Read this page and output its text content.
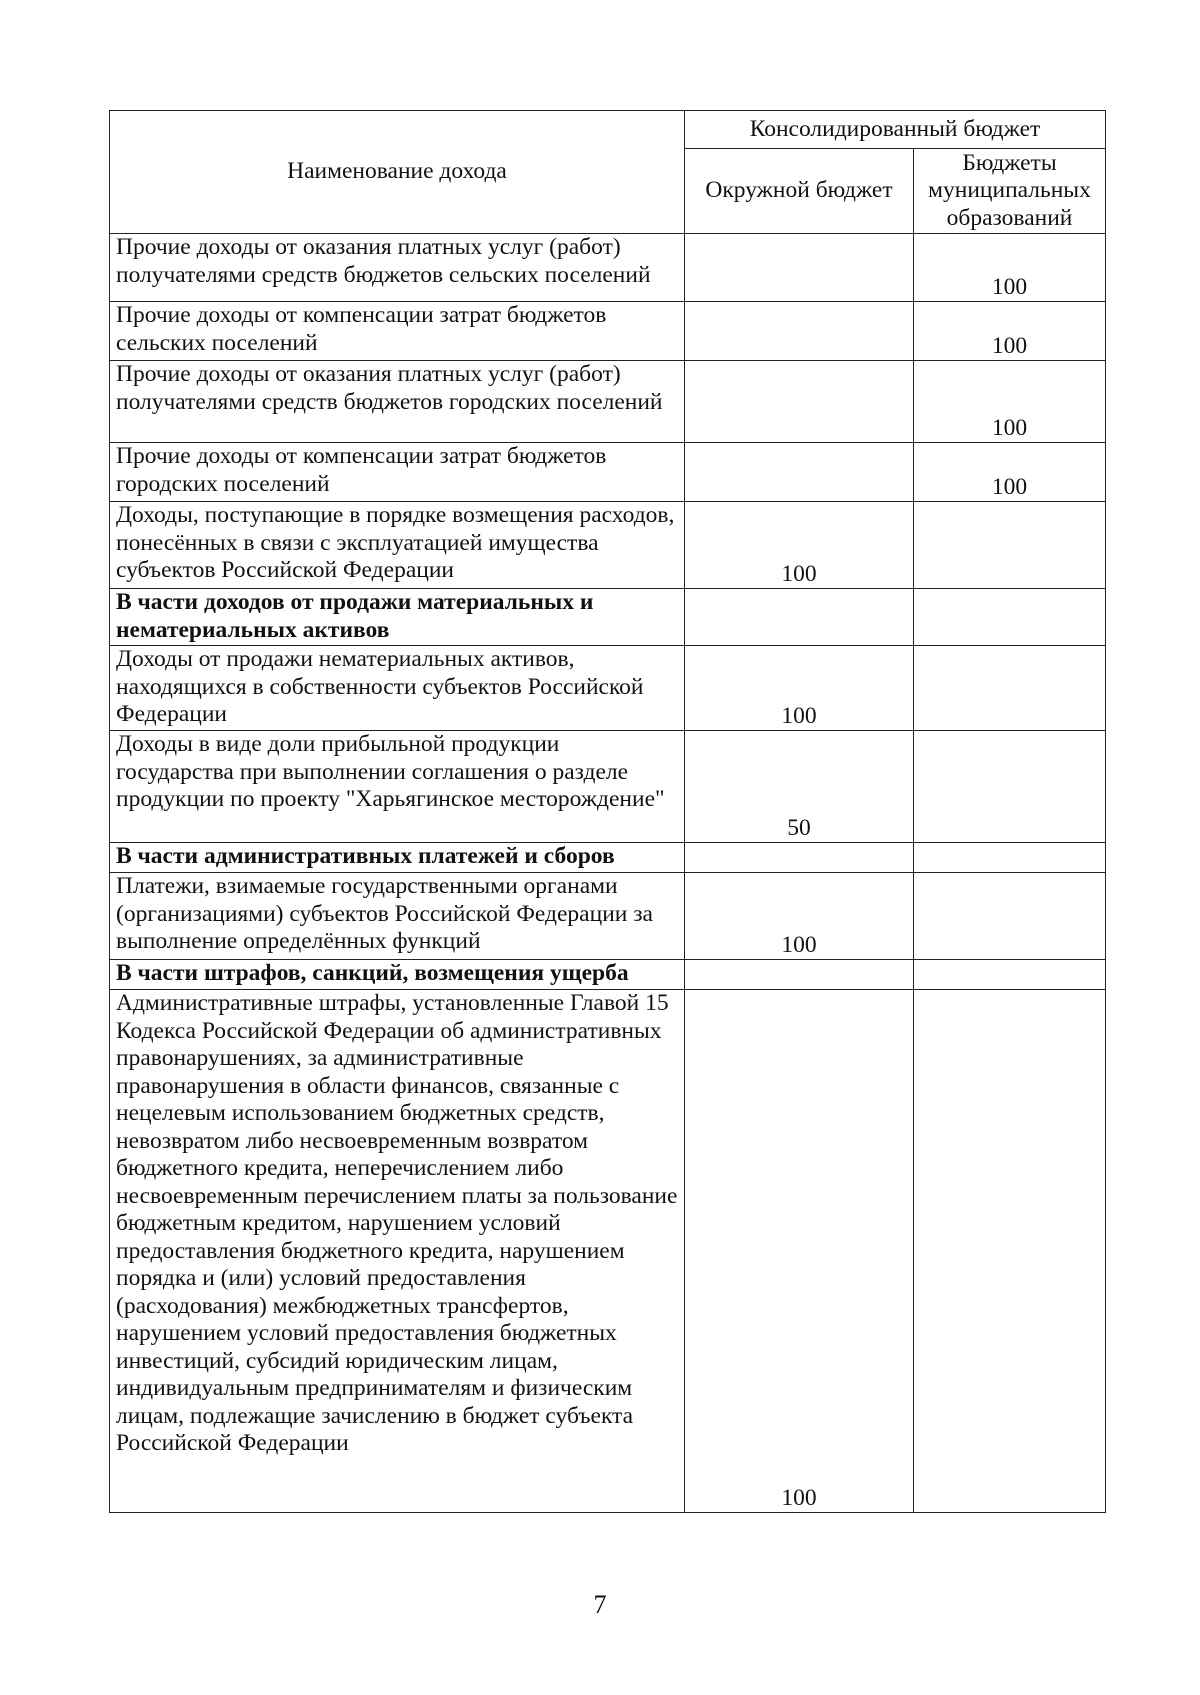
Наименование дохода	Консолидированный бюджет	
	Окружной бюджет	Бюджеты муниципальных образований
Прочие доходы от оказания платных услуг (работ) получателями средств бюджетов сельских поселений		100
Прочие доходы от компенсации затрат бюджетов сельских поселений		100
Прочие доходы от оказания платных услуг (работ) получателями средств бюджетов городских поселений		100
Прочие доходы от компенсации затрат бюджетов городских поселений		100
Доходы, поступающие в порядке возмещения расходов, понесённых в связи с эксплуатацией имущества субъектов Российской Федерации	100	
В части доходов от продажи материальных и нематериальных активов		
Доходы от продажи нематериальных активов, находящихся в собственности субъектов Российской Федерации	100	
Доходы в виде доли прибыльной продукции государства при выполнении соглашения о разделе продукции по проекту "Харьягинское месторождение"	50	
В части административных платежей и сборов		
Платежи, взимаемые государственными органами (организациями) субъектов Российской Федерации за выполнение определённых функций	100	
В части штрафов, санкций, возмещения ущерба		
Административные штрафы, установленные Главой 15 Кодекса Российской Федерации об административных правонарушениях, за административные правонарушения в области финансов, связанные с нецелевым использованием бюджетных средств, невозвратом либо несвоевременным возвратом бюджетного кредита, неперечислением либо несвоевременным перечислением платы за пользование бюджетным кредитом, нарушением условий предоставления бюджетного кредита, нарушением порядка и (или) условий предоставления (расходования) межбюджетных трансфертов, нарушением условий предоставления бюджетных инвестиций, субсидий юридическим лицам, индивидуальным предпринимателям и физическим лицам, подлежащие зачислению в бюджет субъекта Российской Федерации	100	
7
